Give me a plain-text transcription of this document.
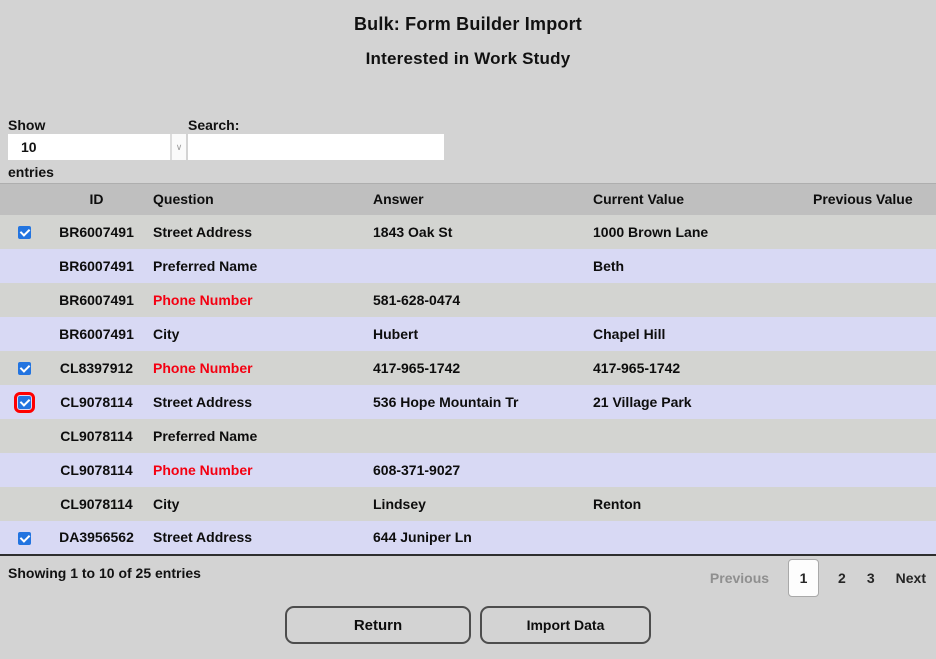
Bulk: Form Builder Import
Interested in Work Study
Show
10	∨
entries
Search:
	ID	Question	Answer	Current Value	Previous Value
	BR6007491	Street Address	1843 Oak St	1000 Brown Lane	
	BR6007491	Preferred Name		Beth	
	BR6007491	Phone Number	581-628-0474		
	BR6007491	City	Hubert	Chapel Hill	
	CL8397912	Phone Number	417-965-1742	417-965-1742	
	CL9078114	Street Address	536 Hope Mountain Tr	21 Village Park	
	CL9078114	Preferred Name			
	CL9078114	Phone Number	608-371-9027		
	CL9078114	City	Lindsey	Renton	
	DA3956562	Street Address	644 Juniper Ln		
Showing 1 to 10 of 25 entries	Previous	1	2 3 Next
Return	Import Data
